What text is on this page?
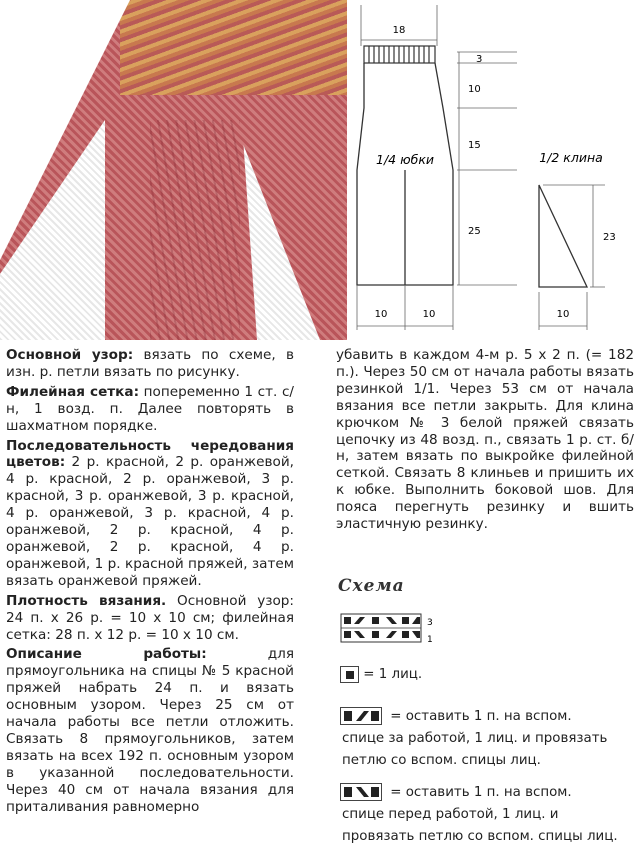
18
1/4 юбки
3
10
15
25
10	10
1/2 клина
23
10

Основной узор: вязать по схеме, в изн. р. петли вязать по рисунку.

Филейная сетка: попеременно 1 ст. с/н, 1 возд. п. Далее повторять в шахматном порядке.

Последовательность чередования цветов: 2 р. красной, 2 р. оранжевой, 4 р. красной, 2 р. оранжевой, 3 р. красной, 3 р. оранжевой, 3 р. красной, 4 р. оранжевой, 3 р. красной, 4 р. оранжевой, 2 р. красной, 4 р. оранжевой, 2 р. красной, 4 р. оранжевой, 1 р. красной пряжей, затем вязать оранжевой пряжей.

Плотность вязания. Основной узор: 24 п. x 26 р. = 10 x 10 см; филейная сетка: 28 п. x 12 р. = 10 x 10 см.

Описание работы: для прямоугольника на спицы № 5 красной пряжей набрать 24 п. и вязать основным узором. Через 25 см от начала работы все петли отложить. Связать 8 прямоугольников, затем вязать на всех 192 п. основным узором в указанной последовательности. Через 40 см от начала вязания для приталивания равномерно

убавить в каждом 4-м р. 5 x 2 п. (= 182 п.). Через 50 см от начала работы вязать резинкой 1/1. Через 53 см от начала вязания все петли закрыть. Для клина крючком № 3 белой пряжей связать цепочку из 48 возд. п., связать 1 р. ст. б/н, затем вязать по выкройке филейной сеткой. Связать 8 клиньев и пришить их к юбке. Выполнить боковой шов. Для пояса перегнуть резинку и вшить эластичную резинку.

Схема
3
1
= 1 лиц.
= оставить 1 п. на вспом.
спице за работой, 1 лиц. и провязать петлю со вспом. спицы лиц.
= оставить 1 п. на вспом.
спице перед работой, 1 лиц. и провязать петлю со вспом. спицы лиц.
